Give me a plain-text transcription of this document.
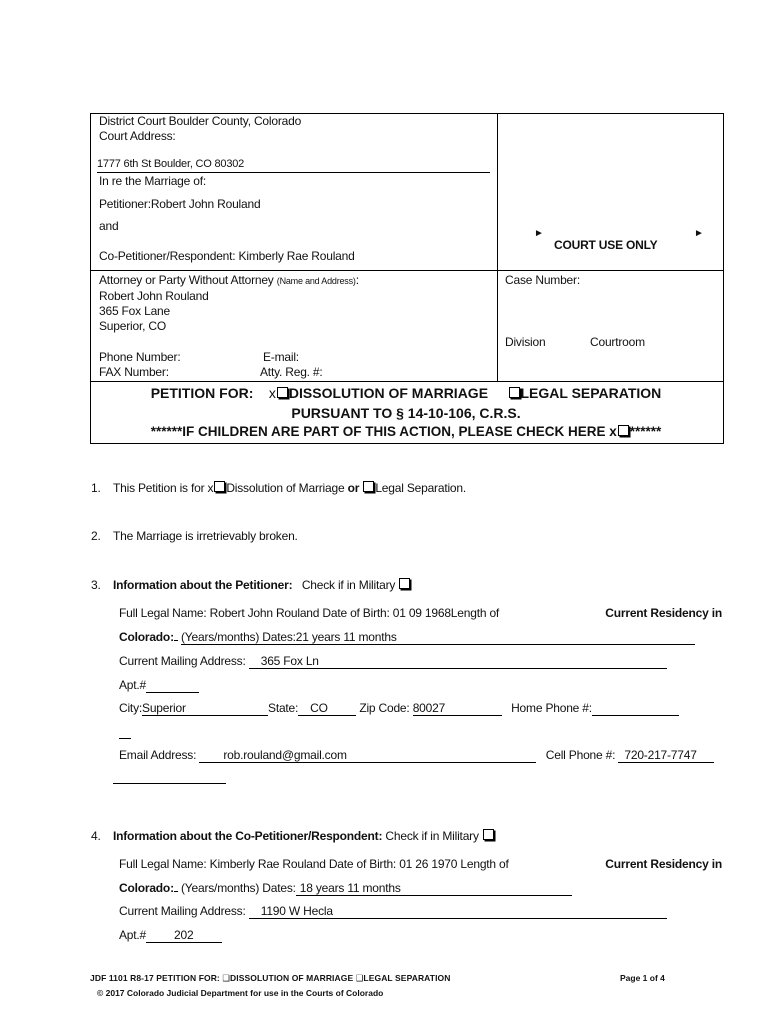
District Court Boulder County, Colorado
Court Address:
1777 6th St Boulder, CO 80302
In re the Marriage of:
Petitioner:Robert John Rouland
and
Co-Petitioner/Respondent: Kimberly Rae Rouland
►
COURT USE ONLY
►
Attorney or Party Without Attorney (Name and Address):
Robert John Rouland
365 Fox Lane
Superior, CO
Phone Number:	E-mail:
FAX Number:	Atty. Reg. #:
Case Number:
Division	Courtroom
PETITION FOR: x DISSOLUTION OF MARRIAGE LEGAL SEPARATION
PURSUANT TO § 14-10-106, C.R.S.
******IF CHILDREN ARE PART OF THIS ACTION, PLEASE CHECK HERE x ******
1. This Petition is for x Dissolution of Marriage or Legal Separation.
2. The Marriage is irretrievably broken.
3. Information about the Petitioner: Check if in Military
Full Legal Name: Robert John Rouland Date of Birth: 01 09 1968Length of	Current Residency in
Colorado: (Years/months) Dates:21 years 11 months
Current Mailing Address: 365 Fox Ln
Apt.#
City:Superior	State: CO	Zip Code: 80027	Home Phone #:
Email Address: rob.rouland@gmail.com	Cell Phone #: 720-217-7747
4. Information about the Co-Petitioner/Respondent: Check if in Military
Full Legal Name: Kimberly Rae Rouland Date of Birth: 01 26 1970 Length of	Current Residency in
Colorado: (Years/months) Dates: 18 years 11 months
Current Mailing Address: 1190 W Hecla
Apt.# 202
JDF 1101 R8-17 PETITION FOR: ❑DISSOLUTION OF MARRIAGE ❑LEGAL SEPARATION	Page 1 of 4
© 2017 Colorado Judicial Department for use in the Courts of Colorado
